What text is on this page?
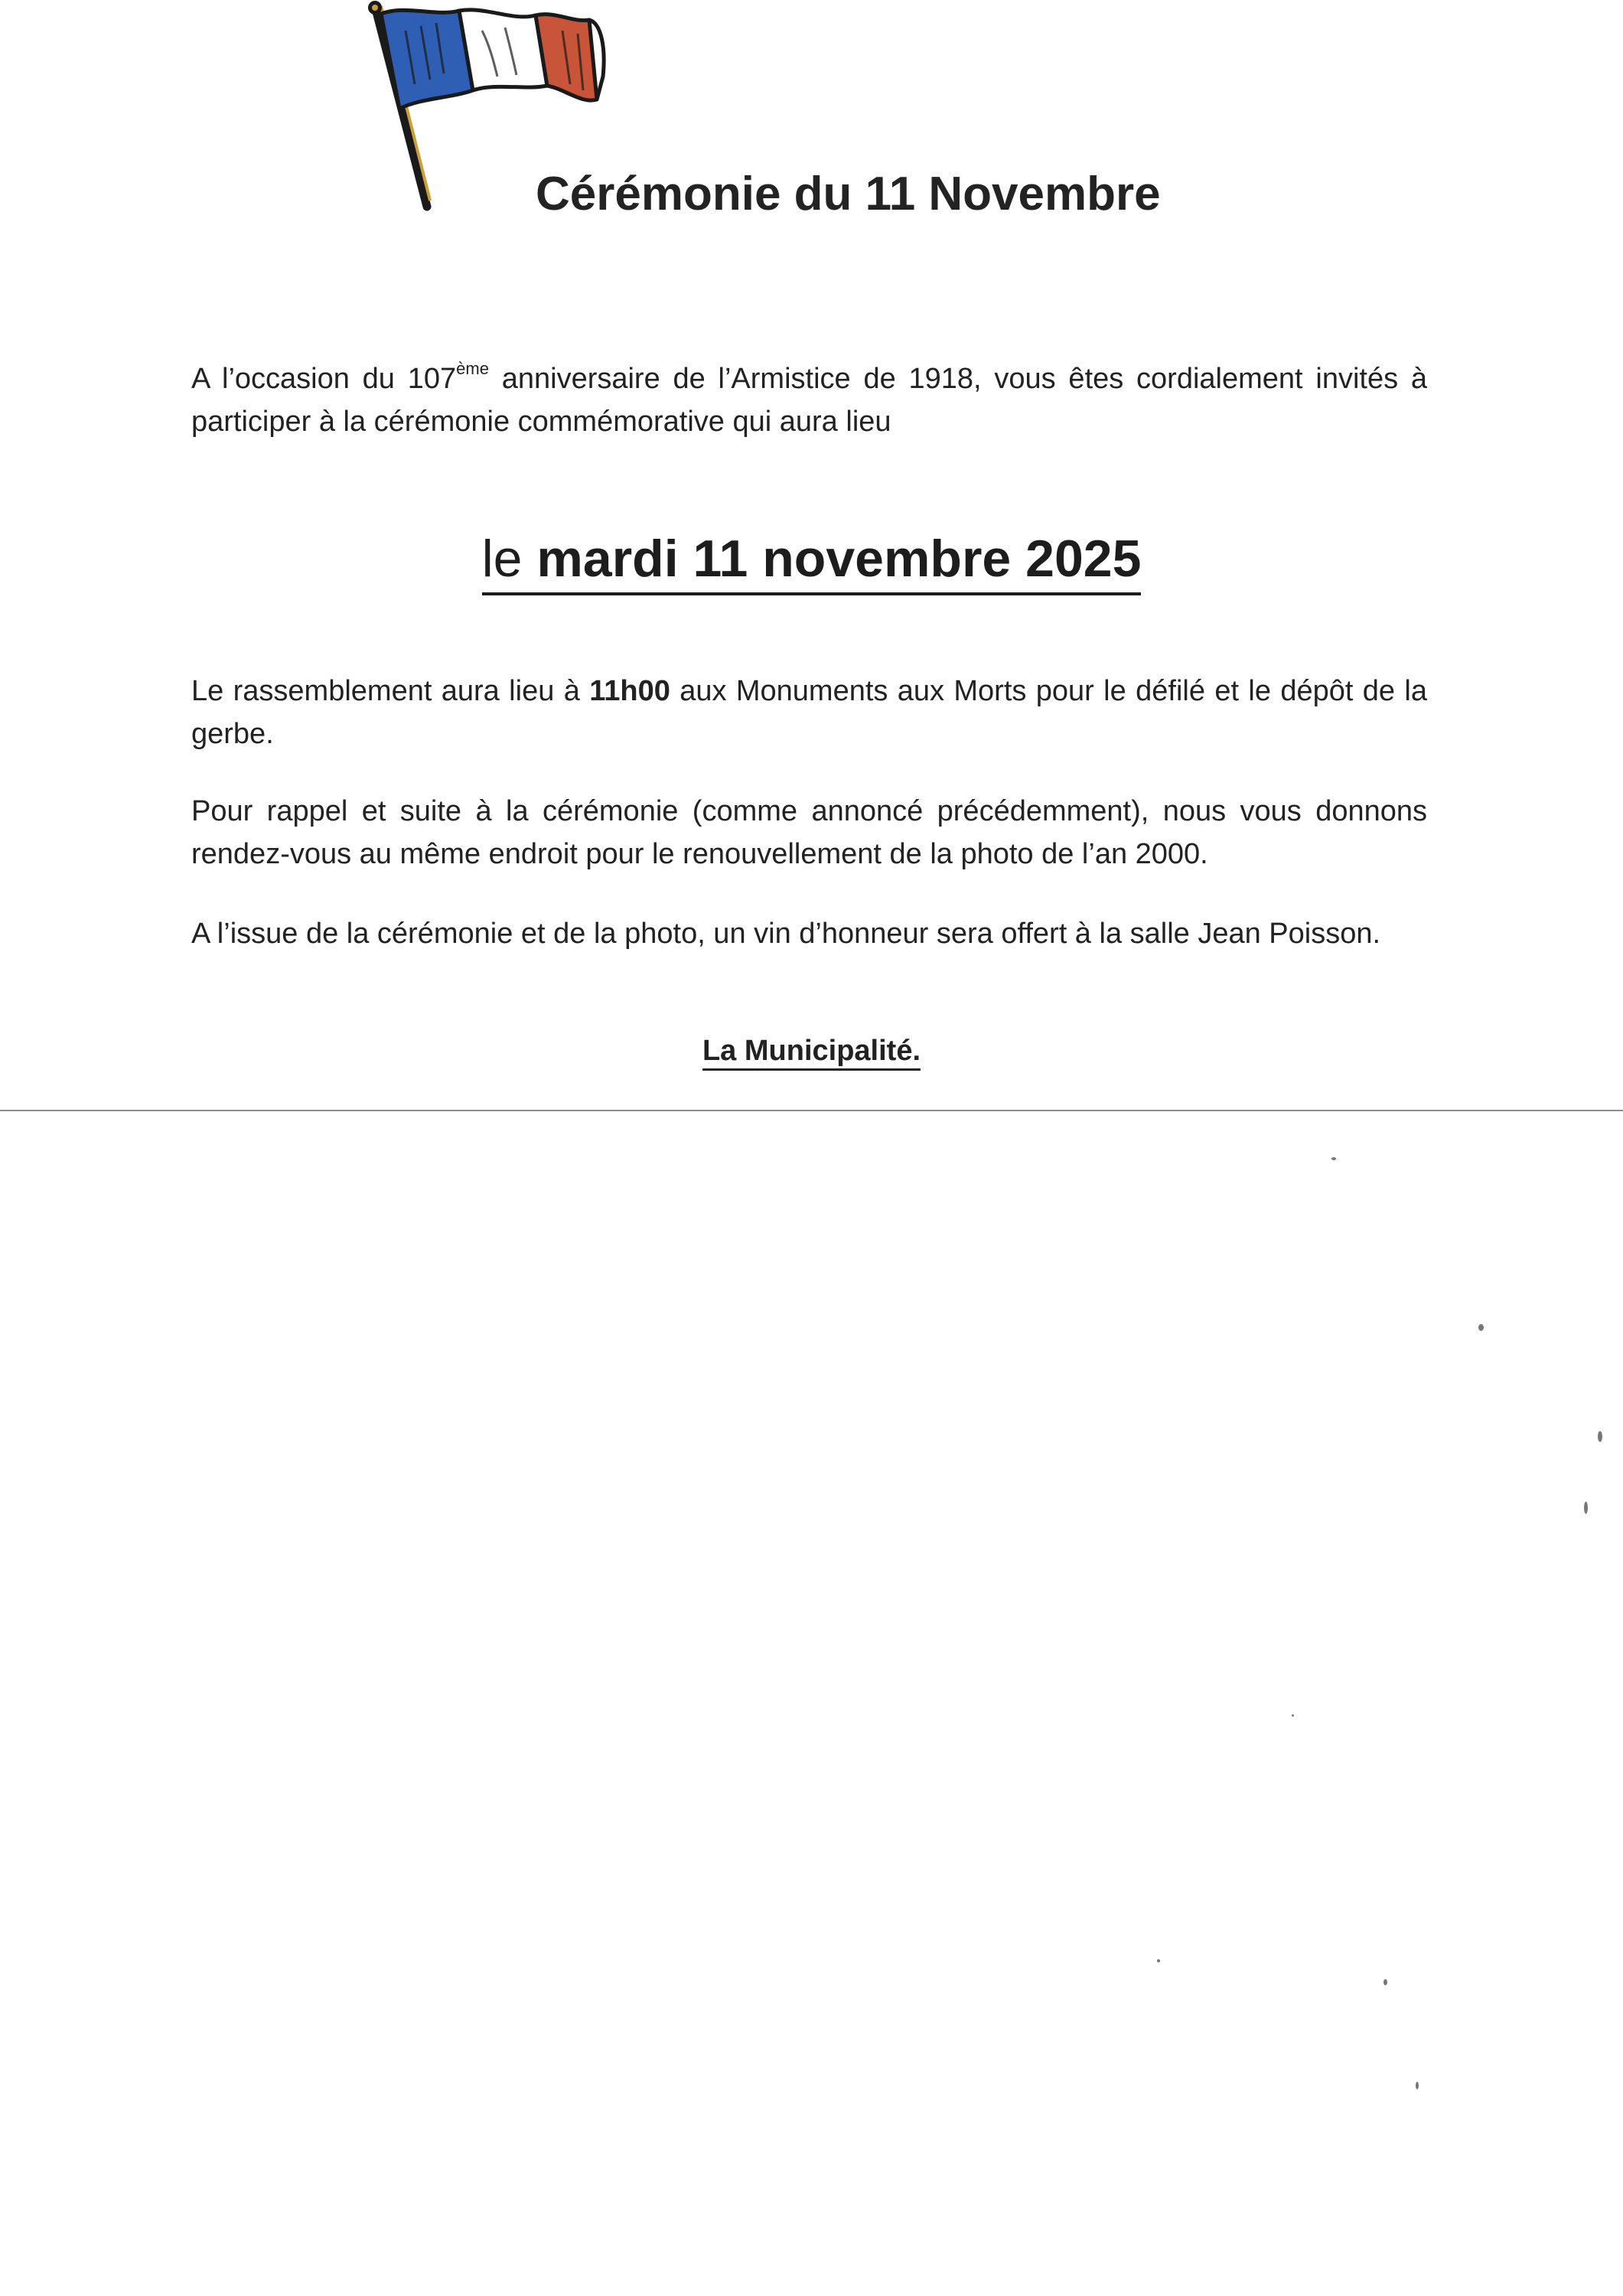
Cérémonie du 11 Novembre
A l’occasion du 107ème anniversaire de l’Armistice de 1918, vous êtes cordialement invités à participer à la cérémonie commémorative qui aura lieu
le mardi 11 novembre 2025
Le rassemblement aura lieu à 11h00 aux Monuments aux Morts pour le défilé et le dépôt de la gerbe.
Pour rappel et suite à la cérémonie (comme annoncé précédemment), nous vous donnons rendez-vous au même endroit pour le renouvellement de la photo de l’an 2000.
A l’issue de la cérémonie et de la photo, un vin d’honneur sera offert à la salle Jean Poisson.
La Municipalité.
